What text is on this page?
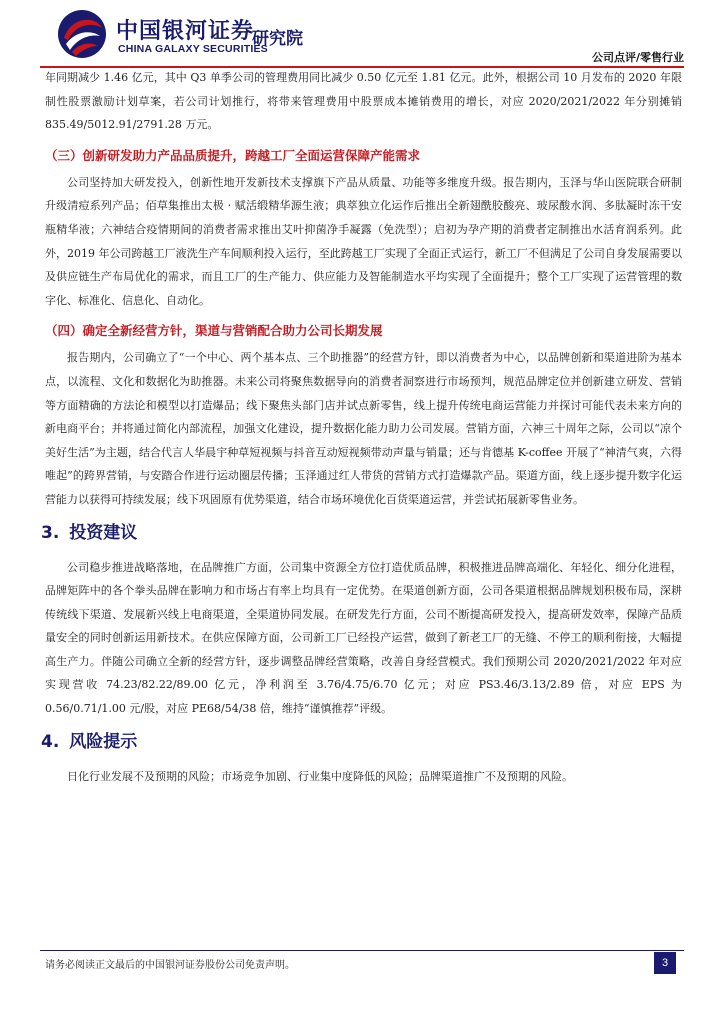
中国银河证券
CHINA GALAXY SECURITIES
研究院
公司点评/零售行业

年同期减少 1.46 亿元，其中 Q3 单季公司的管理费用同比减少 0.50 亿元至 1.81 亿元。此外，根据公司 10 月发布的 2020 年限制性股票激励计划草案，若公司计划推行，将带来管理费用中股票成本摊销费用的增长，对应 2020/2021/2022 年分别摊销 835.49/5012.91/2791.28 万元。

（三）创新研发助力产品品质提升，跨越工厂全面运营保障产能需求

公司坚持加大研发投入，创新性地开发新技术支撑旗下产品从质量、功能等多维度升级。报告期内，玉泽与华山医院联合研制升级清痘系列产品；佰草集推出太极 · 赋活缎精华源生液；典萃独立化运作后推出全新翅酰胶酸亮、玻尿酸水润、多肽凝时冻干安瓶精华液；六神结合疫情期间的消费者需求推出艾叶抑菌净手凝露（免洗型）；启初为孕产期的消费者定制推出水活育润系列。此外，2019 年公司跨越工厂液洗生产车间顺利投入运行，至此跨越工厂实现了全面正式运行，新工厂不但满足了公司自身发展需要以及供应链生产布局优化的需求，而且工厂的生产能力、供应能力及智能制造水平均实现了全面提升；整个工厂实现了运营管理的数字化、标准化、信息化、自动化。

（四）确定全新经营方针，渠道与营销配合助力公司长期发展

报告期内，公司确立了“一个中心、两个基本点、三个助推器”的经营方针，即以消费者为中心，以品牌创新和渠道进阶为基本点，以流程、文化和数据化为助推器。未来公司将聚焦数据导向的消费者洞察进行市场预判，规范品牌定位并创新建立研发、营销等方面精确的方法论和模型以打造爆品；线下聚焦头部门店并试点新零售，线上提升传统电商运营能力并探讨可能代表未来方向的新电商平台；并将通过简化内部流程，加强文化建设，提升数据化能力助力公司发展。营销方面，六神三十周年之际，公司以“凉个美好生活”为主题，结合代言人华晨宇种草短视频与抖音互动短视频带动声量与销量；还与肯德基 K-coffee 开展了“神清气爽，六得唯起”的跨界营销，与安踏合作进行运动圈层传播；玉泽通过红人带货的营销方式打造爆款产品。渠道方面，线上逐步提升数字化运营能力以获得可持续发展；线下巩固原有优势渠道，结合市场环境优化百货渠道运营，并尝试拓展新零售业务。

3. 投资建议

公司稳步推进战略落地，在品牌推广方面，公司集中资源全方位打造优质品牌，积极推进品牌高端化、年轻化、细分化进程，品牌矩阵中的各个拳头品牌在影响力和市场占有率上均具有一定优势。在渠道创新方面，公司各渠道根据品牌规划积极布局，深耕传统线下渠道、发展新兴线上电商渠道，全渠道协同发展。在研发先行方面，公司不断提高研发投入，提高研发效率，保障产品质量安全的同时创新运用新技术。在供应保障方面，公司新工厂已经投产运营，做到了新老工厂的无缝、不停工的顺利衔接，大幅提高生产力。伴随公司确立全新的经营方针，逐步调整品牌经营策略，改善自身经营模式。我们预期公司 2020/2021/2022 年对应实现营收 74.23/82.22/89.00 亿元，净利润至 3.76/4.75/6.70 亿元；对应 PS3.46/3.13/2.89 倍，对应 EPS 为 0.56/0.71/1.00 元/股，对应 PE68/54/38 倍，维持“谨慎推荐”评级。

4. 风险提示

日化行业发展不及预期的风险；市场竞争加剧、行业集中度降低的风险；品牌渠道推广不及预期的风险。

请务必阅读正文最后的中国银河证券股份公司免责声明。	3
